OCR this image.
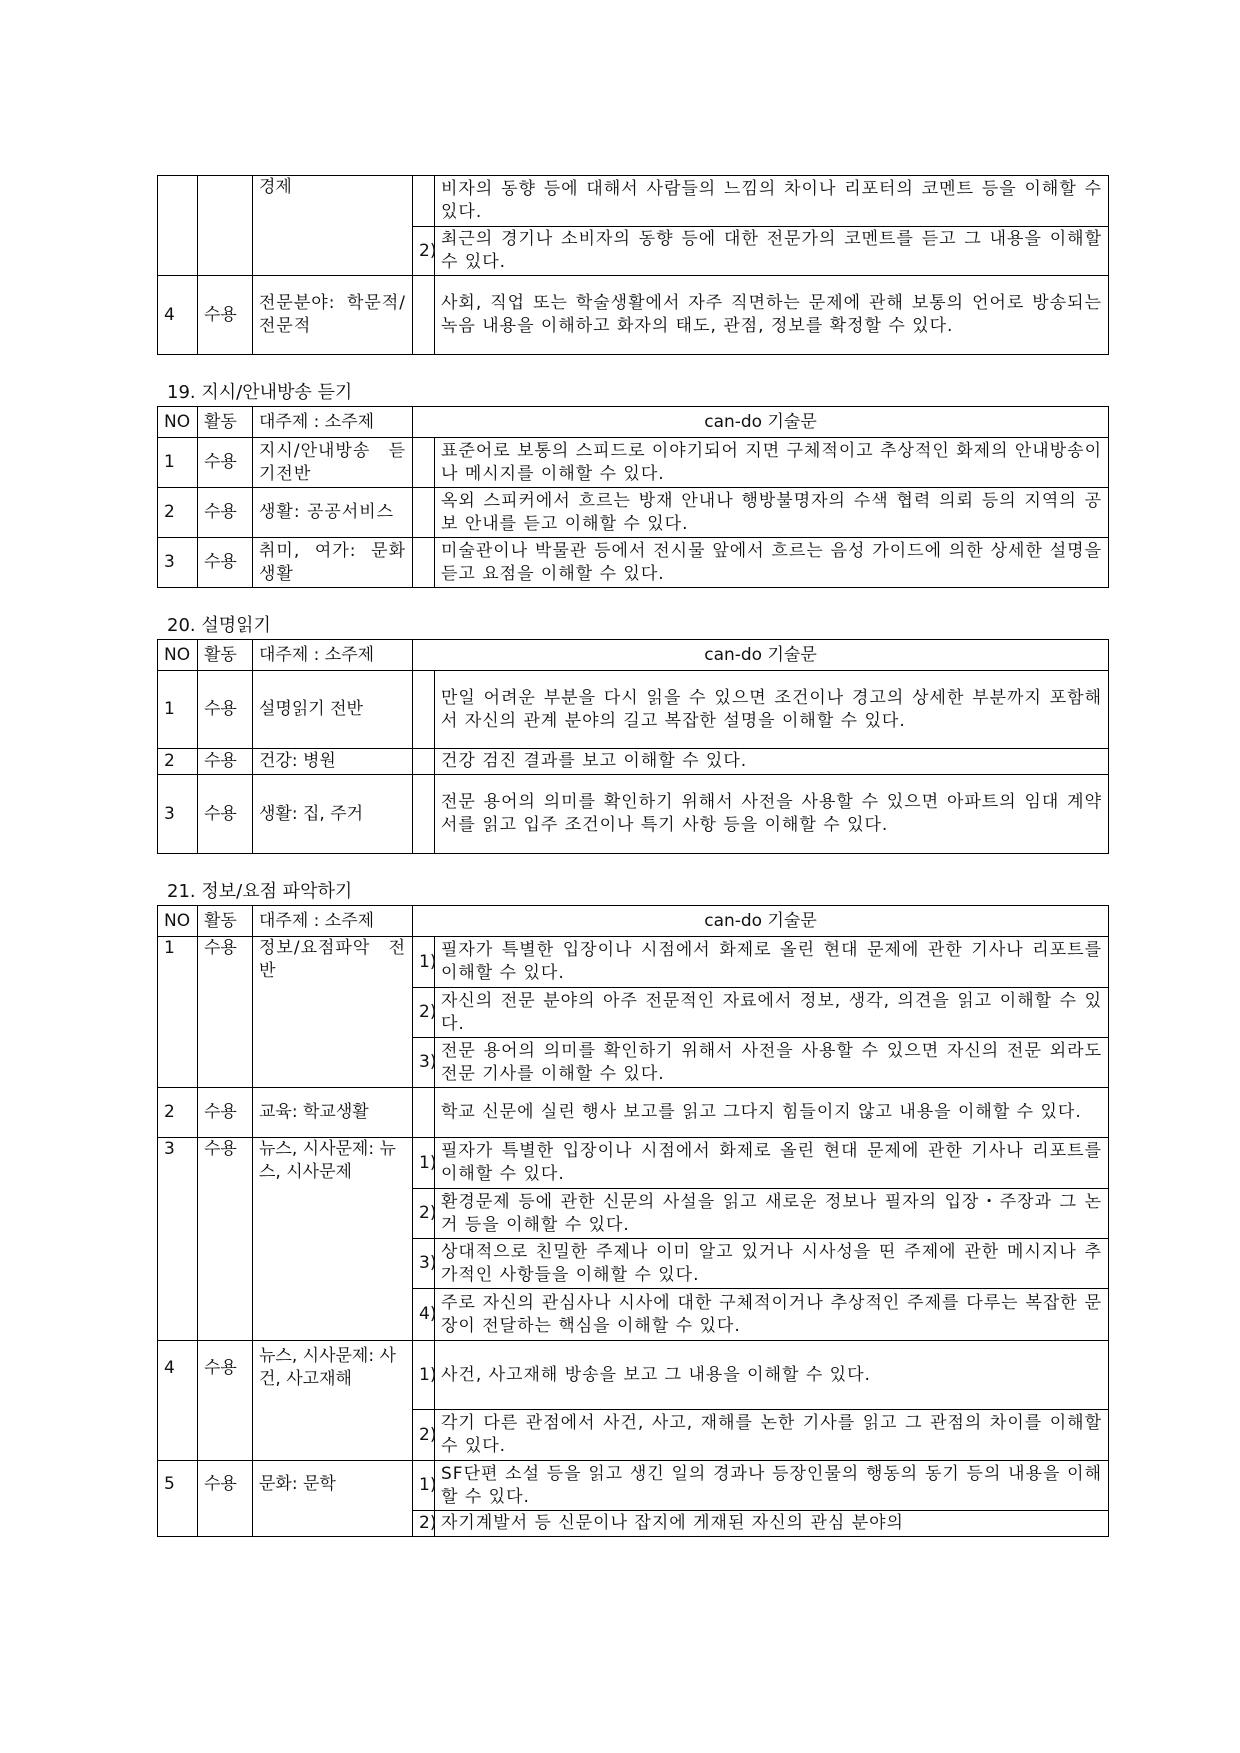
		경제		비자의 동향 등에 대해서 사람들의 느낌의 차이나 리포터의 코멘트 등을 이해할 수 있다.
			2)	최근의 경기나 소비자의 동향 등에 대한 전문가의 코멘트를 듣고 그 내용을 이해할 수 있다.
4	수용	전문분야: 학문적/전문적		사회, 직업 또는 학술생활에서 자주 직면하는 문제에 관해 보통의 언어로 방송되는 녹음 내용을 이해하고 화자의 태도, 관점, 정보를 확정할 수 있다.
19. 지시/안내방송 듣기
NO	활동	대주제 : 소주제	can-do 기술문	
1	수용	지시/안내방송 듣기전반		표준어로 보통의 스피드로 이야기되어 지면 구체적이고 추상적인 화제의 안내방송이나 메시지를 이해할 수 있다.
2	수용	생활: 공공서비스		옥외 스피커에서 흐르는 방재 안내나 행방불명자의 수색 협력 의뢰 등의 지역의 공보 안내를 듣고 이해할 수 있다.
3	수용	취미, 여가: 문화생활		미술관이나 박물관 등에서 전시물 앞에서 흐르는 음성 가이드에 의한 상세한 설명을 듣고 요점을 이해할 수 있다.
20. 설명읽기
NO	활동	대주제 : 소주제	can-do 기술문	
1	수용	설명읽기 전반		만일 어려운 부분을 다시 읽을 수 있으면 조건이나 경고의 상세한 부분까지 포함해서 자신의 관계 분야의 길고 복잡한 설명을 이해할 수 있다.
2	수용	건강: 병원		건강 검진 결과를 보고 이해할 수 있다.
3	수용	생활: 집, 주거		전문 용어의 의미를 확인하기 위해서 사전을 사용할 수 있으면 아파트의 임대 계약서를 읽고 입주 조건이나 특기 사항 등을 이해할 수 있다.
21. 정보/요점 파악하기
NO	활동	대주제 : 소주제	can-do 기술문	
1	수용	정보/요점파악 전반	1)	필자가 특별한 입장이나 시점에서 화제로 올린 현대 문제에 관한 기사나 리포트를 이해할 수 있다.
			2)	자신의 전문 분야의 아주 전문적인 자료에서 정보, 생각, 의견을 읽고 이해할 수 있다.
			3)	전문 용어의 의미를 확인하기 위해서 사전을 사용할 수 있으면 자신의 전문 외라도 전문 기사를 이해할 수 있다.
2	수용	교육: 학교생활		학교 신문에 실린 행사 보고를 읽고 그다지 힘들이지 않고 내용을 이해할 수 있다.
3	수용	뉴스, 시사문제: 뉴스, 시사문제	1)	필자가 특별한 입장이나 시점에서 화제로 올린 현대 문제에 관한 기사나 리포트를 이해할 수 있다.
			2)	환경문제 등에 관한 신문의 사설을 읽고 새로운 정보나 필자의 입장・주장과 그 논거 등을 이해할 수 있다.
			3)	상대적으로 친밀한 주제나 이미 알고 있거나 시사성을 띤 주제에 관한 메시지나 추가적인 사항들을 이해할 수 있다.
			4)	주로 자신의 관심사나 시사에 대한 구체적이거나 추상적인 주제를 다루는 복잡한 문장이 전달하는 핵심을 이해할 수 있다.
4	수용	뉴스, 시사문제: 사건, 사고재해	1)	사건, 사고재해 방송을 보고 그 내용을 이해할 수 있다.
			2)	각기 다른 관점에서 사건, 사고, 재해를 논한 기사를 읽고 그 관점의 차이를 이해할 수 있다.
5	수용	문화: 문학	1)	SF단편 소설 등을 읽고 생긴 일의 경과나 등장인물의 행동의 동기 등의 내용을 이해할 수 있다.
			2)	자기계발서 등 신문이나 잡지에 게재된 자신의 관심 분야의
